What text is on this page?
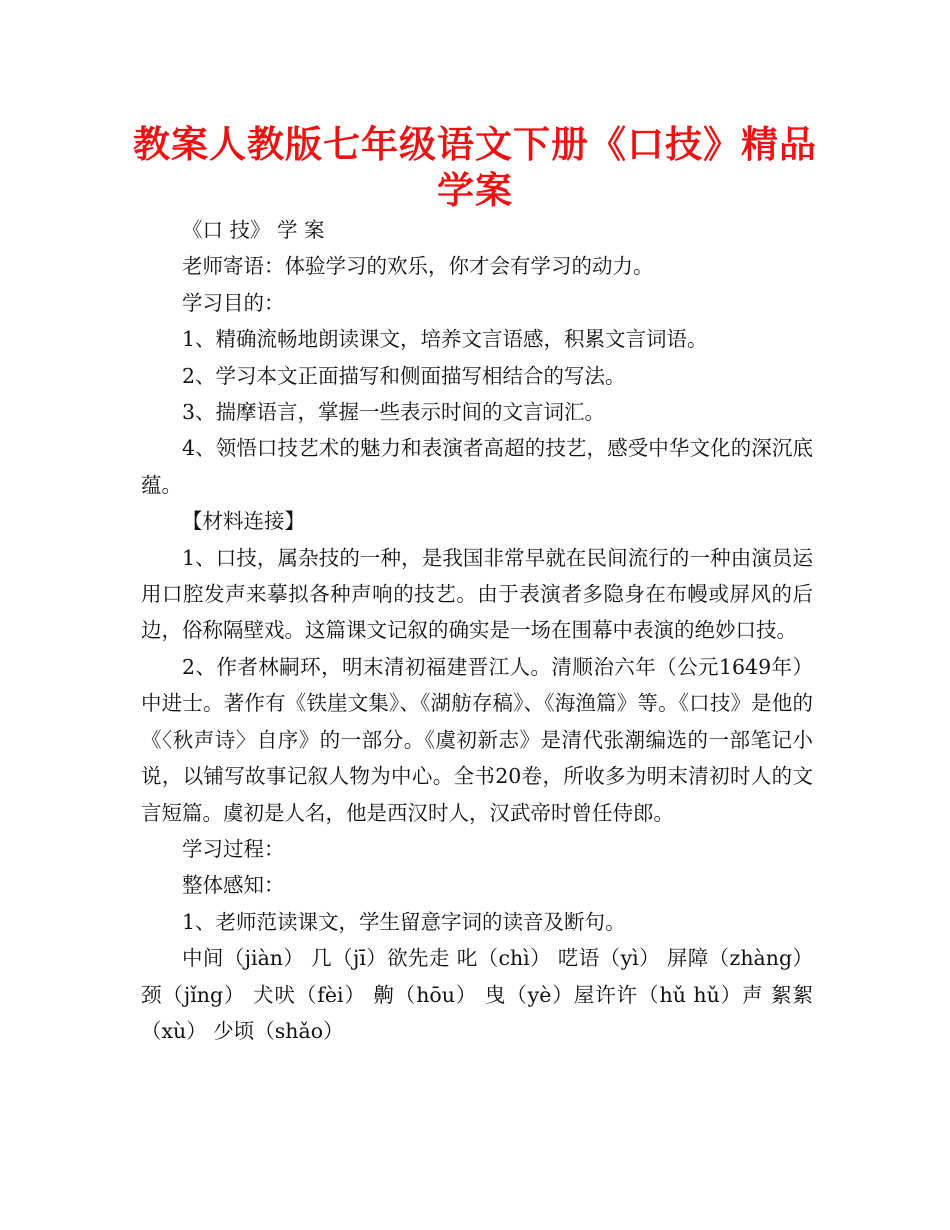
教案人教版七年级语文下册《口技》精品学案

《口 技》 学 案

老师寄语：体验学习的欢乐，你才会有学习的动力。

学习目的：

1、精确流畅地朗读课文，培养文言语感，积累文言词语。

2、学习本文正面描写和侧面描写相结合的写法。

3、揣摩语言，掌握一些表示时间的文言词汇。

4、领悟口技艺术的魅力和表演者高超的技艺，感受中华文化的深沉底蕴。

【材料连接】

1、口技，属杂技的一种，是我国非常早就在民间流行的一种由演员运用口腔发声来摹拟各种声响的技艺。由于表演者多隐身在布幔或屏风的后边，俗称隔壁戏。这篇课文记叙的确实是一场在围幕中表演的绝妙口技。

2、作者林嗣环，明末清初福建晋江人。清顺治六年（公元1649年）中进士。著作有《铁崖文集》、《湖舫存稿》、《海渔篇》等。《口技》是他的《〈秋声诗〉自序》的一部分。《虞初新志》是清代张潮编选的一部笔记小说，以铺写故事记叙人物为中心。全书20卷，所收多为明末清初时人的文言短篇。虞初是人名，他是西汉时人，汉武帝时曾任侍郎。

学习过程：

整体感知：

1、老师范读课文，学生留意字词的读音及断句。

中间（jiàn） 几（jī）欲先走 叱（chì） 呓语（yì） 屏障（zhàng） 颈（jǐng） 犬吠（fèi） 齁（hōu） 曳（yè）屋许许（hǔ hǔ）声 絮絮（xù） 少顷（shǎo）
